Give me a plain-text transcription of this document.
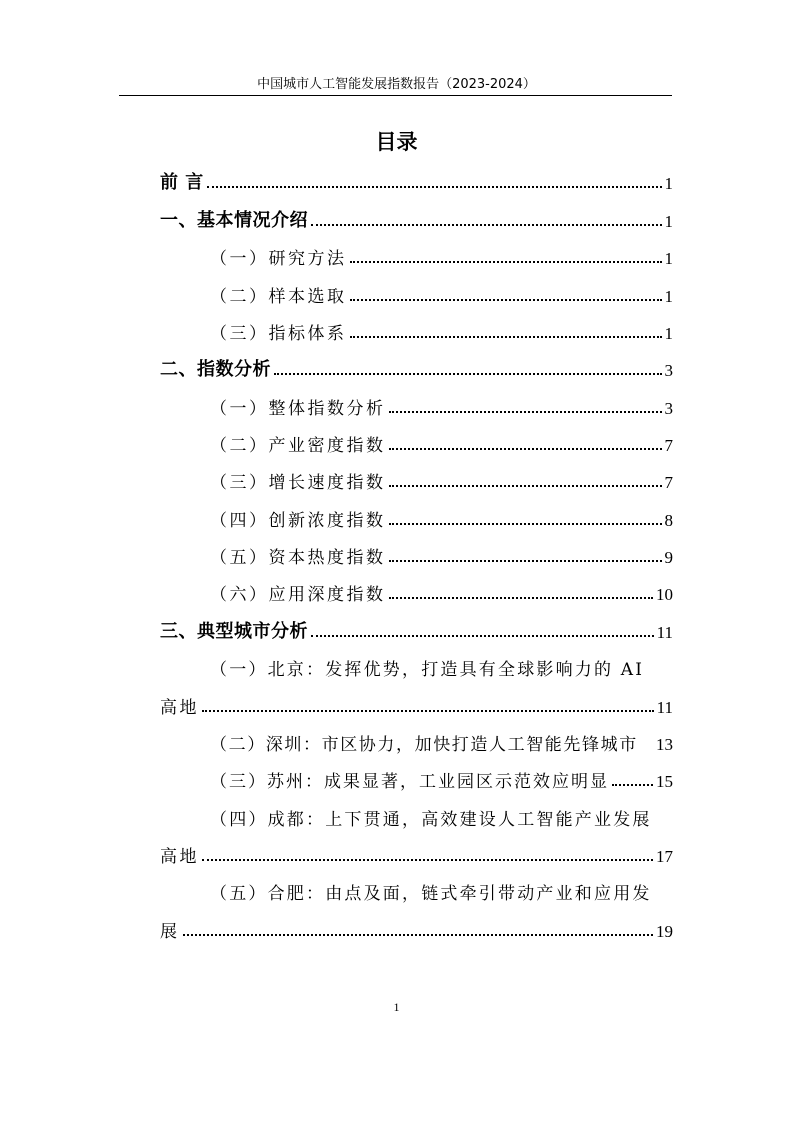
中国城市人工智能发展指数报告（2023-2024）
目录
前 言	1
一、基本情况介绍	1
（一）研究方法	1
（二）样本选取	1
（三）指标体系	1
二、指数分析	3
（一）整体指数分析	3
（二）产业密度指数	7
（三）增长速度指数	7
（四）创新浓度指数	8
（五）资本热度指数	9
（六）应用深度指数	10
三、典型城市分析	11
（一）北京：发挥优势，打造具有全球影响力的 AI
高地	11
（二）深圳：市区协力，加快打造人工智能先锋城市 13
（三）苏州：成果显著，工业园区示范效应明显	15
（四）成都：上下贯通，高效建设人工智能产业发展
高地	17
（五）合肥：由点及面，链式牵引带动产业和应用发
展	19
1
